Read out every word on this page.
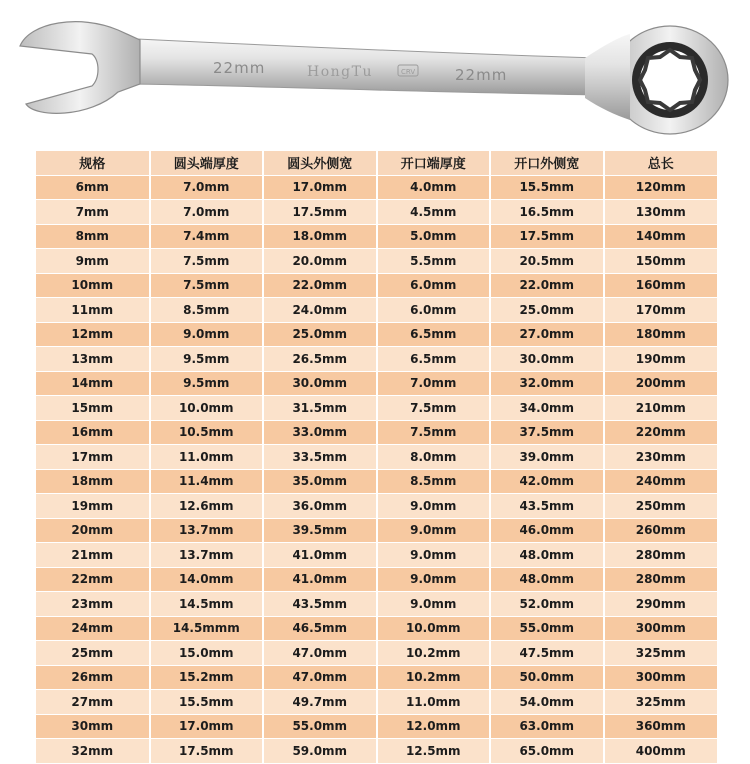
22mm	HongTu	CRV	22mm
规格	圆头端厚度	圆头外侧宽	开口端厚度	开口外侧宽	总长
6mm	7.0mm	17.0mm	4.0mm	15.5mm	120mm
7mm	7.0mm	17.5mm	4.5mm	16.5mm	130mm
8mm	7.4mm	18.0mm	5.0mm	17.5mm	140mm
9mm	7.5mm	20.0mm	5.5mm	20.5mm	150mm
10mm	7.5mm	22.0mm	6.0mm	22.0mm	160mm
11mm	8.5mm	24.0mm	6.0mm	25.0mm	170mm
12mm	9.0mm	25.0mm	6.5mm	27.0mm	180mm
13mm	9.5mm	26.5mm	6.5mm	30.0mm	190mm
14mm	9.5mm	30.0mm	7.0mm	32.0mm	200mm
15mm	10.0mm	31.5mm	7.5mm	34.0mm	210mm
16mm	10.5mm	33.0mm	7.5mm	37.5mm	220mm
17mm	11.0mm	33.5mm	8.0mm	39.0mm	230mm
18mm	11.4mm	35.0mm	8.5mm	42.0mm	240mm
19mm	12.6mm	36.0mm	9.0mm	43.5mm	250mm
20mm	13.7mm	39.5mm	9.0mm	46.0mm	260mm
21mm	13.7mm	41.0mm	9.0mm	48.0mm	280mm
22mm	14.0mm	41.0mm	9.0mm	48.0mm	280mm
23mm	14.5mm	43.5mm	9.0mm	52.0mm	290mm
24mm	14.5mmm	46.5mm	10.0mm	55.0mm	300mm
25mm	15.0mm	47.0mm	10.2mm	47.5mm	325mm
26mm	15.2mm	47.0mm	10.2mm	50.0mm	300mm
27mm	15.5mm	49.7mm	11.0mm	54.0mm	325mm
30mm	17.0mm	55.0mm	12.0mm	63.0mm	360mm
32mm	17.5mm	59.0mm	12.5mm	65.0mm	400mm
